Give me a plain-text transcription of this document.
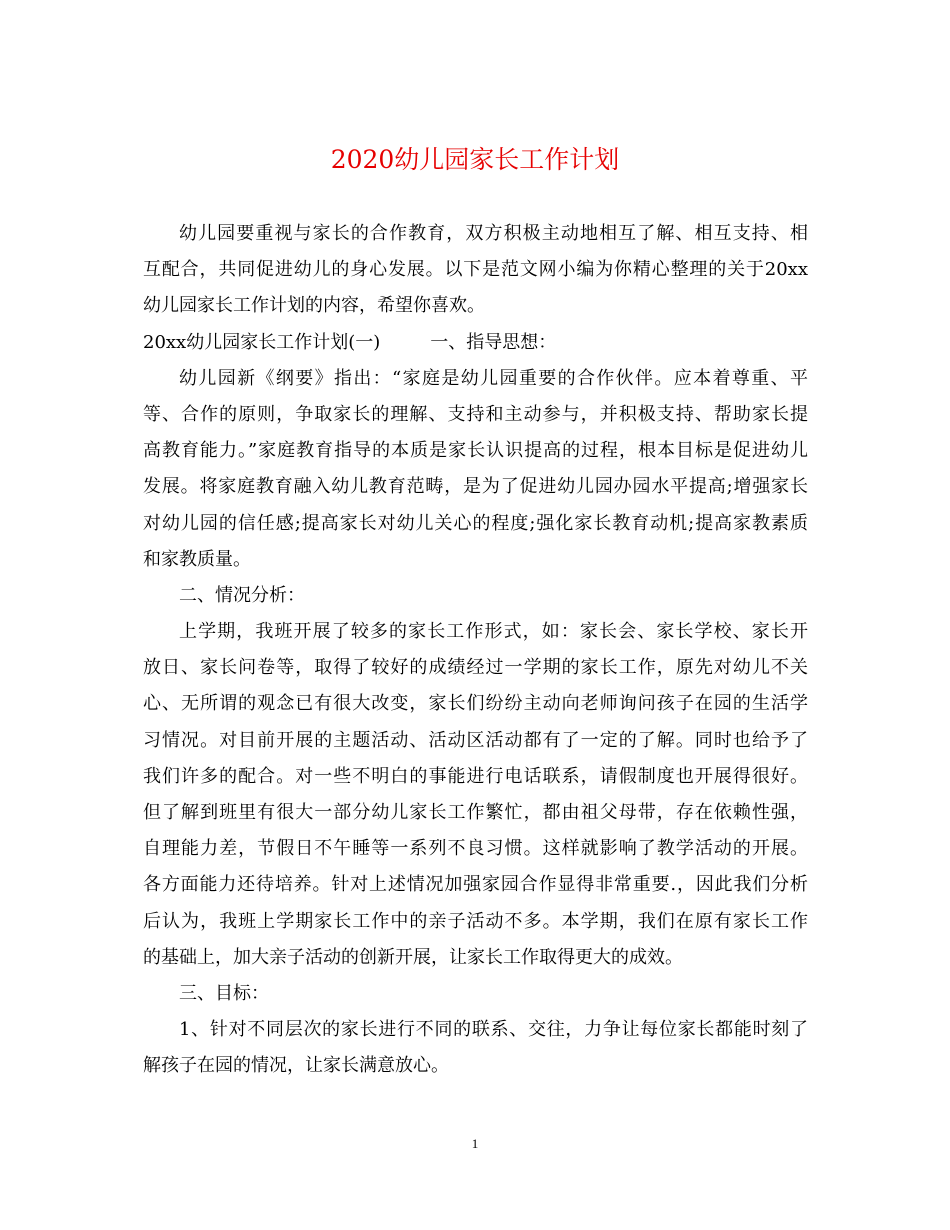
2020幼儿园家长工作计划
幼儿园要重视与家长的合作教育，双方积极主动地相互了解、相互支持、相
互配合，共同促进幼儿的身心发展。以下是范文网小编为你精心整理的关于20xx
幼儿园家长工作计划的内容，希望你喜欢。
20xx幼儿园家长工作计划(一)	一、指导思想：
幼儿园新《纲要》指出：“家庭是幼儿园重要的合作伙伴。应本着尊重、平
等、合作的原则，争取家长的理解、支持和主动参与，并积极支持、帮助家长提
高教育能力。”家庭教育指导的本质是家长认识提高的过程，根本目标是促进幼儿
发展。将家庭教育融入幼儿教育范畴，是为了促进幼儿园办园水平提高;增强家长
对幼儿园的信任感;提高家长对幼儿关心的程度;强化家长教育动机;提高家教素质
和家教质量。
二、情况分析：
上学期，我班开展了较多的家长工作形式，如：家长会、家长学校、家长开
放日、家长问卷等，取得了较好的成绩经过一学期的家长工作，原先对幼儿不关
心、无所谓的观念已有很大改变，家长们纷纷主动向老师询问孩子在园的生活学
习情况。对目前开展的主题活动、活动区活动都有了一定的了解。同时也给予了
我们许多的配合。对一些不明白的事能进行电话联系，请假制度也开展得很好。
但了解到班里有很大一部分幼儿家长工作繁忙，都由祖父母带，存在依赖性强，
自理能力差，节假日不午睡等一系列不良习惯。这样就影响了教学活动的开展。
各方面能力还待培养。针对上述情况加强家园合作显得非常重要.，因此我们分析
后认为，我班上学期家长工作中的亲子活动不多。本学期，我们在原有家长工作
的基础上，加大亲子活动的创新开展，让家长工作取得更大的成效。
三、目标：
1、针对不同层次的家长进行不同的联系、交往，力争让每位家长都能时刻了
解孩子在园的情况，让家长满意放心。
1
